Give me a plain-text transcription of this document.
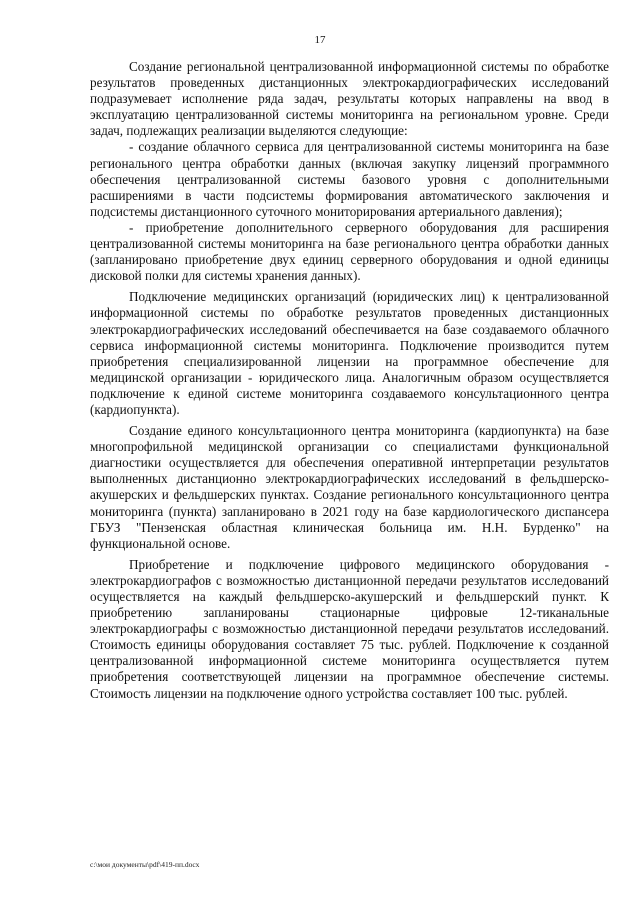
17

Создание региональной централизованной информационной системы по обработке результатов проведенных дистанционных электрокардиографических исследований подразумевает исполнение ряда задач, результаты которых направлены на ввод в эксплуатацию централизованной системы мониторинга на региональном уровне. Среди задач, подлежащих реализации выделяются следующие:

- создание облачного сервиса для централизованной системы мониторинга на базе регионального центра обработки данных (включая закупку лицензий программного обеспечения централизованной системы базового уровня с дополнительными расширениями в части подсистемы формирования автоматического заключения и подсистемы дистанционного суточного мониторирования артериального давления);

- приобретение дополнительного серверного оборудования для расширения централизованной системы мониторинга на базе регионального центра обработки данных (запланировано приобретение двух единиц серверного оборудования и одной единицы дисковой полки для системы хранения данных).

Подключение медицинских организаций (юридических лиц) к централизованной информационной системы по обработке результатов проведенных дистанционных электрокардиографических исследований обеспечивается на базе создаваемого облачного сервиса информационной системы мониторинга. Подключение производится путем приобретения специализированной лицензии на программное обеспечение для медицинской организации - юридического лица. Аналогичным образом осуществляется подключение к единой системе мониторинга создаваемого консультационного центра (кардиопункта).

Создание единого консультационного центра мониторинга (кардиопункта) на базе многопрофильной медицинской организации со специалистами функциональной диагностики осуществляется для обеспечения оперативной интерпретации результатов выполненных дистанционно электрокардиографических исследований в фельдшерско-акушерских и фельдшерских пунктах. Создание регионального консультационного центра мониторинга (пункта) запланировано в 2021 году на базе кардиологического диспансера ГБУЗ "Пензенская областная клиническая больница им. Н.Н. Бурденко" на функциональной основе.

Приобретение и подключение цифрового медицинского оборудования - электрокардиографов с возможностью дистанционной передачи результатов исследований осуществляется на каждый фельдшерско-акушерский и фельдшерский пункт. К приобретению запланированы стационарные цифровые 12-тиканальные электрокардиографы с возможностью дистанционной передачи результатов исследований. Стоимость единицы оборудования составляет 75 тыс. рублей. Подключение к созданной централизованной информационной системе мониторинга осуществляется путем приобретения соответствующей лицензии на программное обеспечение системы. Стоимость лицензии на подключение одного устройства составляет 100 тыс. рублей.

c:\мои документы\pdf\419-пп.docx
